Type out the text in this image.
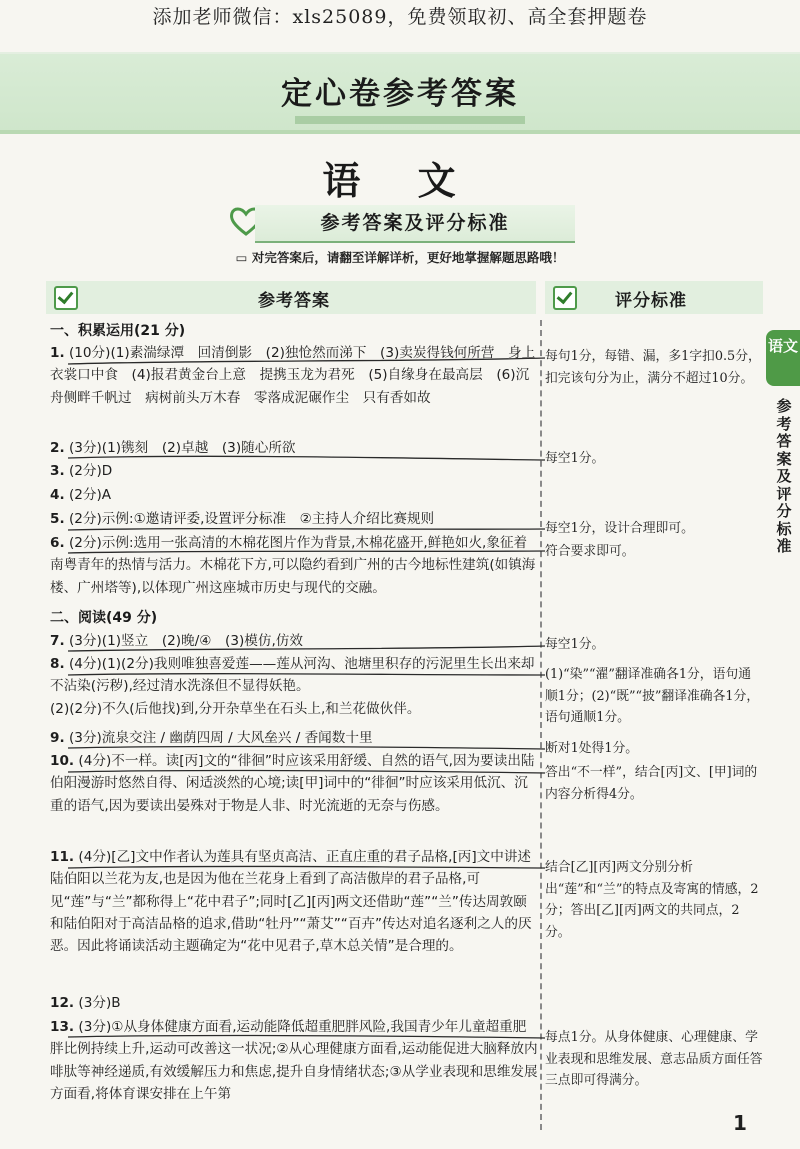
添加老师微信：xls25089，免费领取初、高全套押题卷
定心卷参考答案
语 文
参考答案及评分标准
▭ 对完答案后，请翻至详解详析，更好地掌握解题思路哦！
参考答案	评分标准
语文
参考答案及评分标准
一、积累运用(21 分)
1. (10分)(1)素湍绿潭　回清倒影　(2)独怆然而涕下　(3)卖炭得钱何所营　身上衣裳口中食　(4)报君黄金台上意　提携玉龙为君死　(5)自缘身在最高层　(6)沉舟侧畔千帆过　病树前头万木春　零落成泥碾作尘　只有香如故
2. (3分)(1)镌刻　(2)卓越　(3)随心所欲
3. (2分)D
4. (2分)A
5. (2分)示例:①邀请评委,设置评分标准　②主持人介绍比赛规则
6. (2分)示例:选用一张高清的木棉花图片作为背景,木棉花盛开,鲜艳如火,象征着南粤青年的热情与活力。木棉花下方,可以隐约看到广州的古今地标性建筑(如镇海楼、广州塔等),以体现广州这座城市历史与现代的交融。
二、阅读(49 分)
7. (3分)(1)竖立　(2)晚/④　(3)模仿,仿效
8. (4分)(1)(2分)我则唯独喜爱莲——莲从河沟、池塘里积存的污泥里生长出来却不沾染(污秽),经过清水洗涤但不显得妖艳。
(2)(2分)不久(后他找)到,分开杂草坐在石头上,和兰花做伙伴。
9. (3分)流泉交注 / 幽荫四周 / 大风垒兴 / 香闻数十里
10. (4分)不一样。读[丙]文的“徘徊”时应该采用舒缓、自然的语气,因为要读出陆伯阳漫游时悠然自得、闲适淡然的心境;读[甲]词中的“徘徊”时应该采用低沉、沉重的语气,因为要读出晏殊对于物是人非、时光流逝的无奈与伤感。
11. (4分)[乙]文中作者认为莲具有坚贞高洁、正直庄重的君子品格,[丙]文中讲述陆伯阳以兰花为友,也是因为他在兰花身上看到了高洁傲岸的君子品格,可见“莲”与“兰”都称得上“花中君子”;同时[乙][丙]两文还借助“莲”“兰”传达周敦颐和陆伯阳对于高洁品格的追求,借助“牡丹”“萧艾”“百卉”传达对追名逐利之人的厌恶。因此将诵读活动主题确定为“花中见君子,草木总关情”是合理的。
12. (3分)B
13. (3分)①从身体健康方面看,运动能降低超重肥胖风险,我国青少年儿童超重肥胖比例持续上升,运动可改善这一状况;②从心理健康方面看,运动能促进大脑释放内啡肽等神经递质,有效缓解压力和焦虑,提升自身情绪状态;③从学业表现和思维发展方面看,将体育课安排在上午第
每句1分，每错、漏，多1字扣0.5分，扣完该句分为止，满分不超过10分。
每空1分。
每空1分，设计合理即可。
符合要求即可。
每空1分。
(1)“染”“濯”翻译准确各1分，语句通顺1分；(2)“既”“披”翻译准确各1分，语句通顺1分。
断对1处得1分。
答出“不一样”，结合[丙]文、[甲]词的内容分析得4分。
结合[乙][丙]两文分别分析出“莲”和“兰”的特点及寄寓的情感，2分；答出[乙][丙]两文的共同点，2分。
每点1分。从身体健康、心理健康、学业表现和思维发展、意志品质方面任答三点即可得满分。
1
